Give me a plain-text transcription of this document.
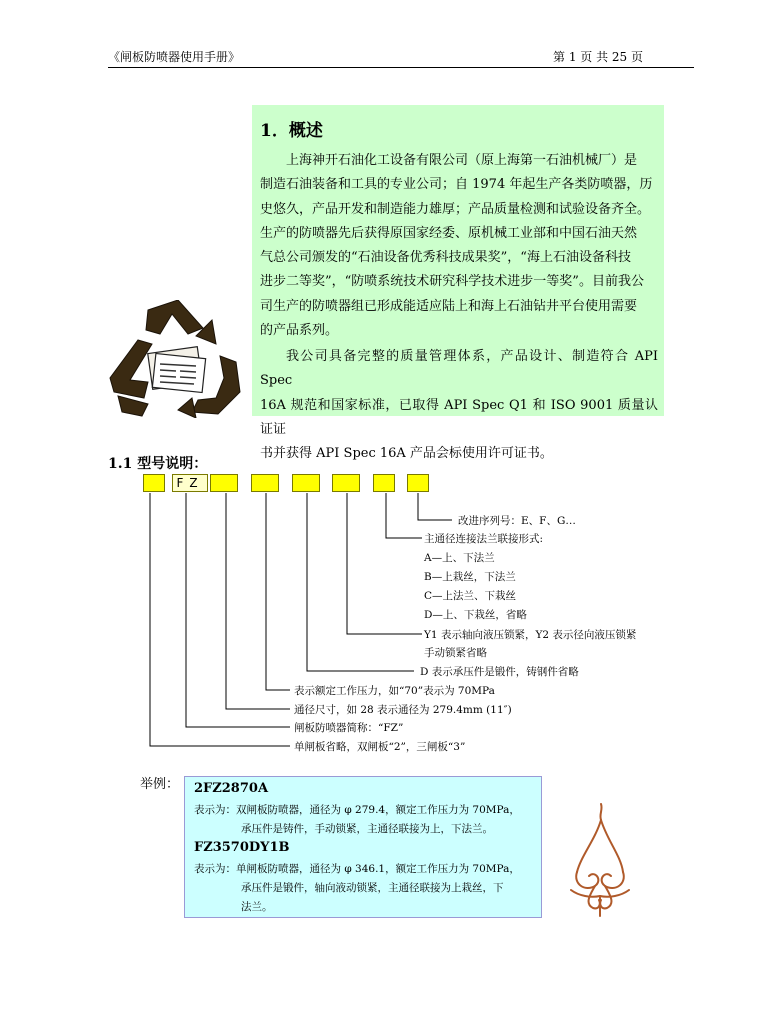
《闸板防喷器使用手册》	第 1 页 共 25 页
1．概述
上海神开石油化工设备有限公司（原上海第一石油机械厂）是
制造石油装备和工具的专业公司；自 1974 年起生产各类防喷器，历
史悠久，产品开发和制造能力雄厚；产品质量检测和试验设备齐全。
生产的防喷器先后获得原国家经委、原机械工业部和中国石油天然
气总公司颁发的“石油设备优秀科技成果奖”，“海上石油设备科技
进步二等奖”，“防喷系统技术研究科学技术进步一等奖”。目前我公
司生产的防喷器组已形成能适应陆上和海上石油钻井平台使用需要
的产品系列。
我公司具备完整的质量管理体系，产品设计、制造符合 API Spec
16A 规范和国家标准，已取得 API Spec Q1 和 ISO 9001 质量认证证
书并获得 API Spec 16A 产品会标使用许可证书。
1.1 型号说明：
FZ
改进序列号：E、F、G…
主通径连接法兰联接形式:
A—上、下法兰
B—上栽丝，下法兰
C—上法兰、下栽丝
D—上、下栽丝，省略
Y1 表示轴向液压锁紧，Y2 表示径向液压锁紧
手动锁紧省略
D 表示承压件是锻件，铸钢件省略
表示额定工作压力，如“70”表示为 70MPa
通径尺寸，如 28 表示通径为 279.4mm (11″)
闸板防喷器简称：“FZ”
单闸板省略，双闸板“2”，三闸板“3”
举例： 2FZ2870A
表示为：双闸板防喷器，通径为 φ 279.4，额定工作压力为 70MPa，
承压件是铸件，手动锁紧，主通径联接为上，下法兰。
FZ3570DY1B
表示为：单闸板防喷器，通径为 φ 346.1，额定工作压力为 70MPa，
承压件是锻件，轴向液动锁紧，主通径联接为上栽丝，下
法兰。
